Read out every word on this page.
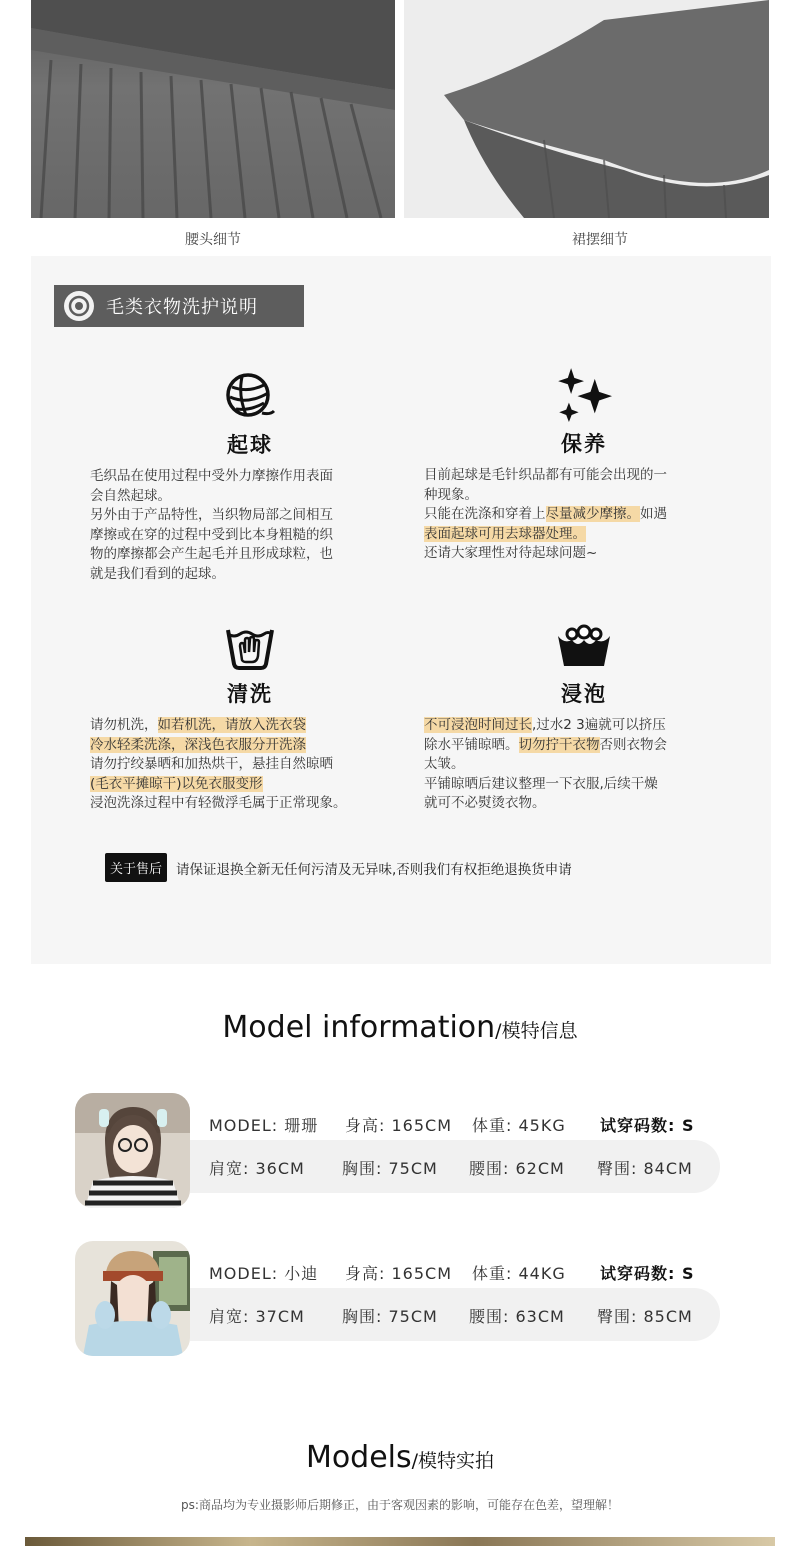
腰头细节	裙摆细节
毛类衣物洗护说明
起球

毛织品在使用过程中受外力摩擦作用表面

会自然起球。

另外由于产品特性，当织物局部之间相互

摩擦或在穿的过程中受到比本身粗糙的织

物的摩擦都会产生起毛并且形成球粒，也

就是我们看到的起球。

保养

目前起球是毛针织品都有可能会出现的一

种现象。

只能在洗涤和穿着上尽量减少摩擦。如遇

表面起球可用去球器处理。

还请大家理性对待起球问题~

清洗

请勿机洗，如若机洗，请放入洗衣袋

冷水轻柔洗涤，深浅色衣服分开洗涤

请勿拧绞暴晒和加热烘干，悬挂自然晾晒

(毛衣平摊晾干)以免衣服变形

浸泡洗涤过程中有轻微浮毛属于正常现象。

浸泡

不可浸泡时间过长,过水2 3遍就可以挤压

除水平铺晾晒。切勿拧干衣物否则衣物会

太皱。

平铺晾晒后建议整理一下衣服,后续干燥

就可不必熨烫衣物。

关于售后	请保证退换全新无任何污清及无异味,否则我们有权拒绝退换货申请
Model information/模特信息
MODEL: 珊珊	身高: 165CM	体重: 45KG	试穿码数: S
肩宽: 36CM	胸围: 75CM	腰围: 62CM	臀围: 84CM
MODEL: 小迪	身高: 165CM	体重: 44KG	试穿码数: S
肩宽: 37CM	胸围: 75CM	腰围: 63CM	臀围: 85CM
Models/模特实拍
ps:商品均为专业摄影师后期修正，由于客观因素的影响，可能存在色差，望理解！
